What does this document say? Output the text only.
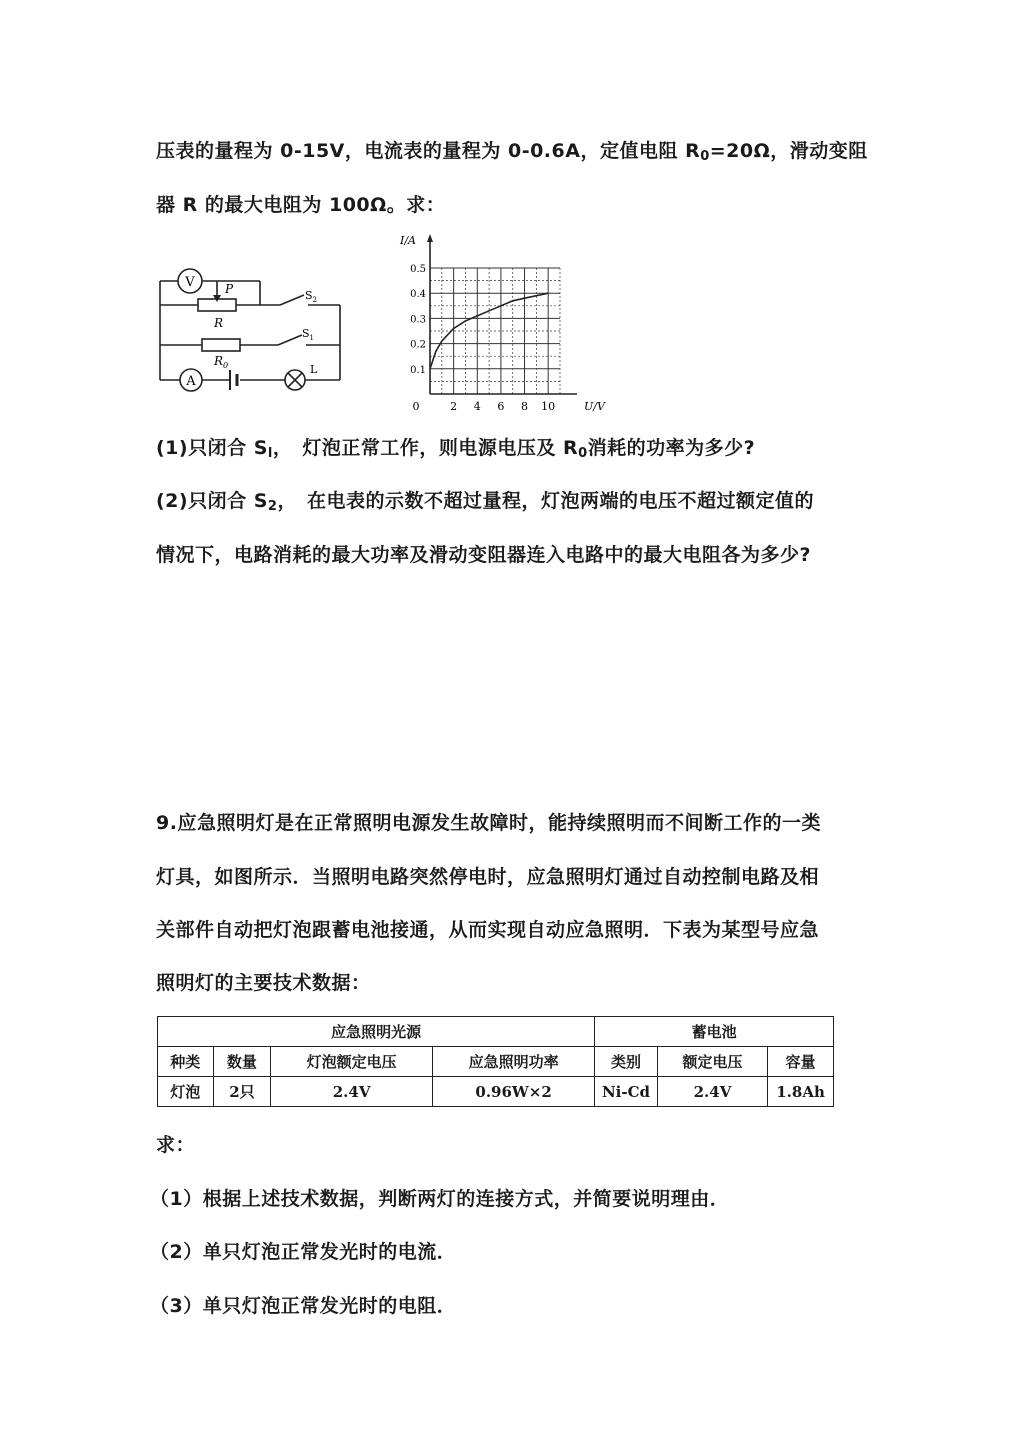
压表的量程为 0-15V，电流表的量程为 0-0.6A，定值电阻 $R_0=20\Omega$，滑动变阻
器 R 的最大电阻为 100Ω。求：
V
A
P
R
$R_0$
$S_2$
$S_1$
L
0	2 4 6 8 10
0.1
0.2
0.3
0.4
0.5
I/A
U/V
(1)只闭合 $S_l$，　灯泡正常工作，则电源电压及 $R_0$消耗的功率为多少?
(2)只闭合 $S_2$，　在电表的示数不超过量程，灯泡两端的电压不超过额定值的
情况下，电路消耗的最大功率及滑动变阻器连入电路中的最大电阻各为多少?
9.应急照明灯是在正常照明电源发生故障时，能持续照明而不间断工作的一类
灯具，如图所示．当照明电路突然停电时，应急照明灯通过自动控制电路及相
关部件自动把灯泡跟蓄电池接通，从而实现自动应急照明．下表为某型号应急
照明灯的主要技术数据：
应急照明光源				蓄电池		
种类	数量	灯泡额定电压	应急照明功率	类别	额定电压	容量
灯泡	2只	2.4V	0.96W×2	Ni-Cd	2.4V	1.8Ah
求：
（1）根据上述技术数据，判断两灯的连接方式，并简要说明理由．
（2）单只灯泡正常发光时的电流．
（3）单只灯泡正常发光时的电阻．
